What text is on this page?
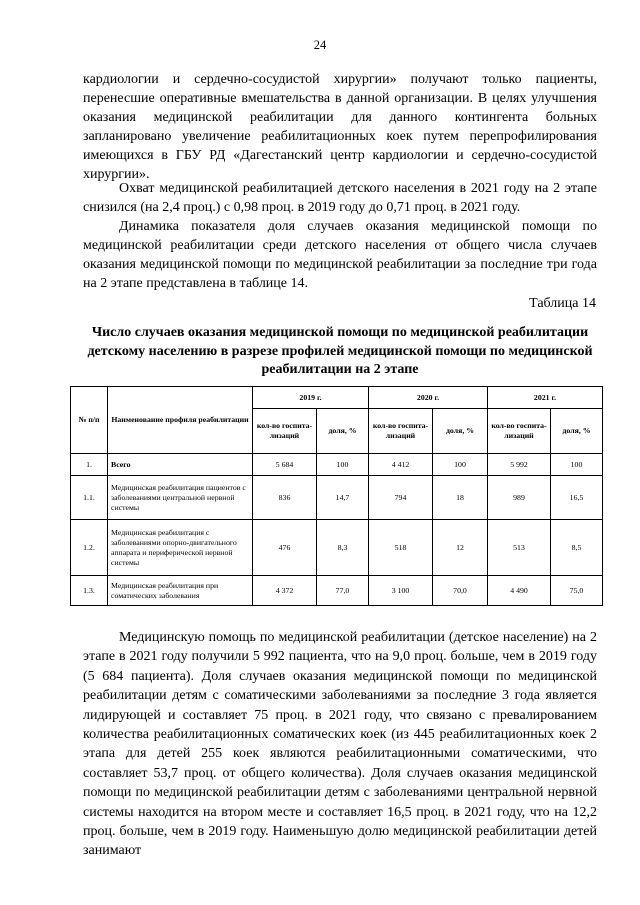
24

кардиологии и сердечно-сосудистой хирургии» получают только пациенты, перенесшие оперативные вмешательства в данной организации. В целях улучшения оказания медицинской реабилитации для данного контингента больных запланировано увеличение реабилитационных коек путем перепрофилирования имеющихся в ГБУ РД «Дагестанский центр кардиологии и сердечно-сосудистой хирургии».

Охват медицинской реабилитацией детского населения в 2021 году на 2 этапе снизился (на 2,4 проц.) с 0,98 проц. в 2019 году до 0,71 проц. в 2021 году.

Динамика показателя доля случаев оказания медицинской помощи по медицинской реабилитации среди детского населения от общего числа случаев оказания медицинской помощи по медицинской реабилитации за последние три года на 2 этапе представлена в таблице 14.

Таблица 14
Число случаев оказания медицинской помощи по медицинской реабилитации детскому населению в разрезе профилей медицинской помощи по медицинской реабилитации на 2 этапе
№ п/п	Наименование профиля реабилитации	2019 г.		2020 г.		2021 г.	
		кол-во госпита-лизаций	доля, %	кол-во госпита-лизаций	доля, %	кол-во госпита-лизаций	доля, %
1.	Всего	5 684	100	4 412	100	5 992	100
1.1.	Медицинская реабилитация пациентов с заболеваниями центральной нервной системы	836	14,7	794	18	989	16,5
1.2.	Медицинская реабилитация с заболеваниями опорно-двигательного аппарата и периферической нервной системы	476	8,3	518	12	513	8,5
1.3.	Медицинская реабилитация при соматических заболевания	4 372	77,0	3 100	70,0	4 490	75,0

Медицинскую помощь по медицинской реабилитации (детское население) на 2 этапе в 2021 году получили 5 992 пациента, что на 9,0 проц. больше, чем в 2019 году (5 684 пациента). Доля случаев оказания медицинской помощи по медицинской реабилитации детям с соматическими заболеваниями за последние 3 года является лидирующей и составляет 75 проц. в 2021 году, что связано с превалированием количества реабилитационных соматических коек (из 445 реабилитационных коек 2 этапа для детей 255 коек являются реабилитационными соматическими, что составляет 53,7 проц. от общего количества). Доля случаев оказания медицинской помощи по медицинской реабилитации детям с заболеваниями центральной нервной системы находится на втором месте и составляет 16,5 проц. в 2021 году, что на 12,2 проц. больше, чем в 2019 году. Наименьшую долю медицинской реабилитации детей занимают
